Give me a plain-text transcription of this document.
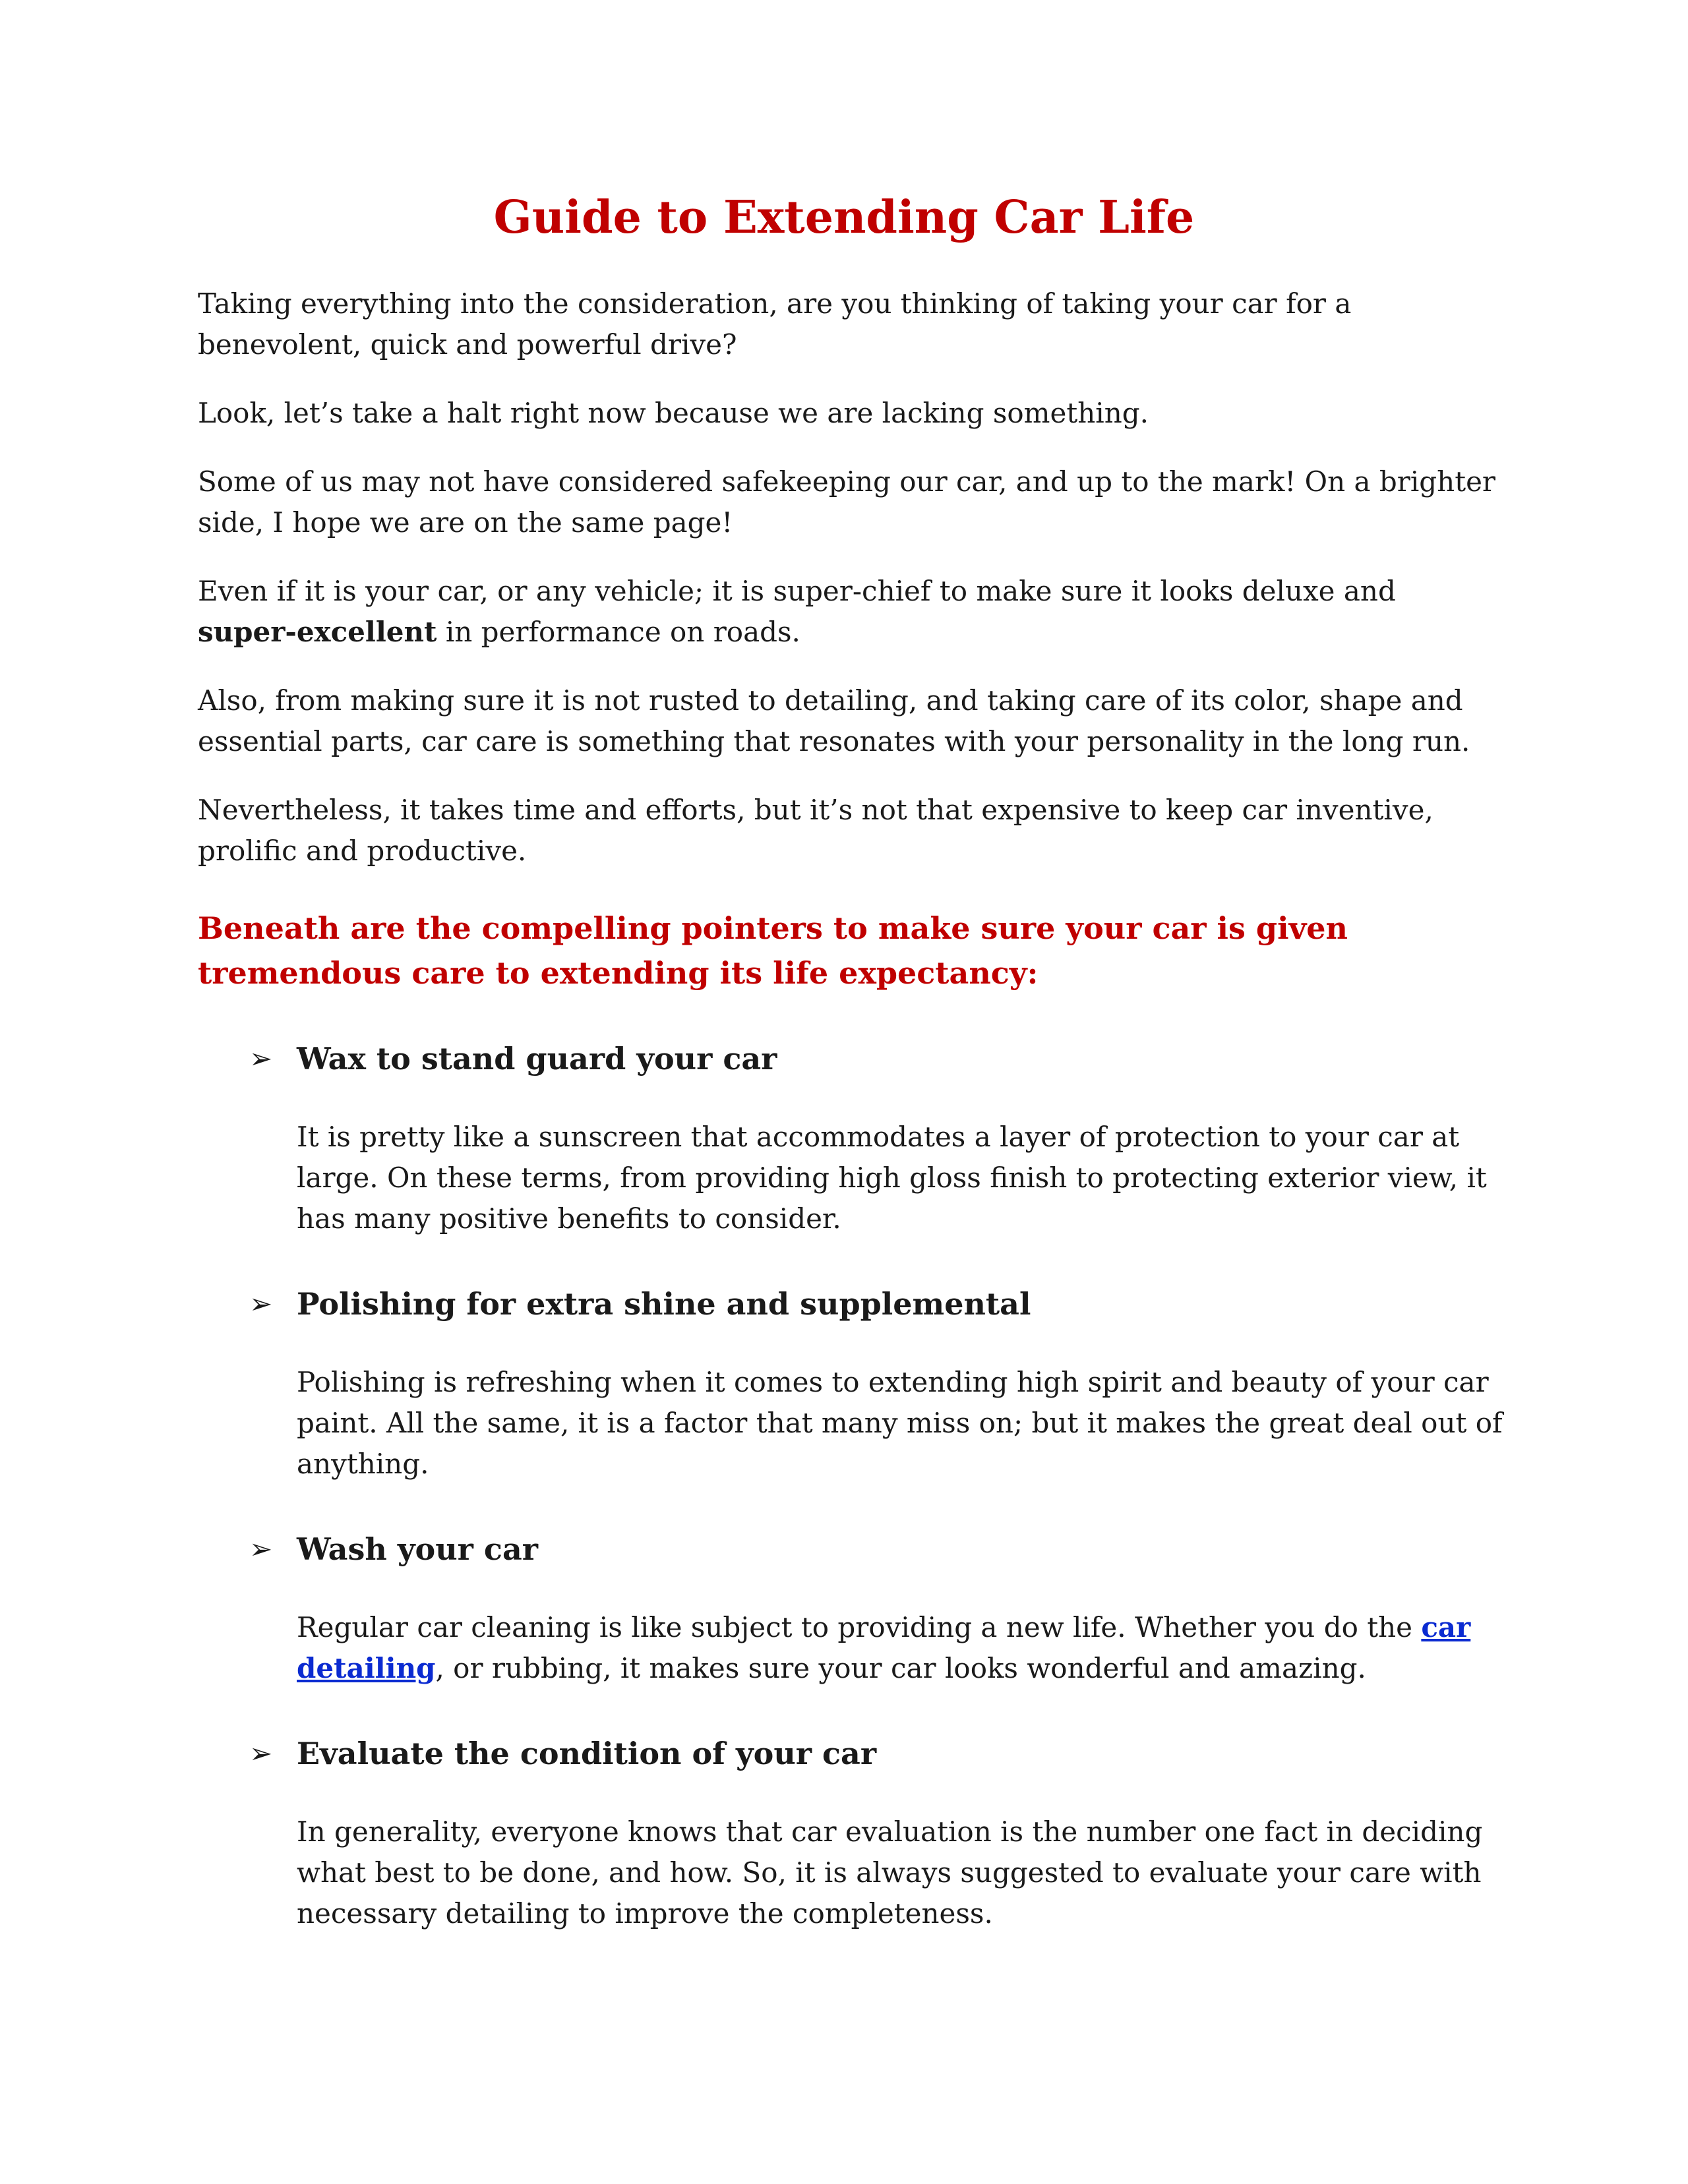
Guide to Extending Car Life

Taking everything into the consideration, are you thinking of taking your car for a benevolent, quick and powerful drive?

Look, let’s take a halt right now because we are lacking something.

Some of us may not have considered safekeeping our car, and up to the mark! On a brighter side, I hope we are on the same page!

Even if it is your car, or any vehicle; it is super-chief to make sure it looks deluxe and super-excellent in performance on roads.

Also, from making sure it is not rusted to detailing, and taking care of its color, shape and essential parts, car care is something that resonates with your personality in the long run.

Nevertheless, it takes time and efforts, but it’s not that expensive to keep car inventive, prolific and productive.

Beneath are the compelling pointers to make sure your car is given tremendous care to extending its life expectancy:
➢ Wax to stand guard your car

It is pretty like a sunscreen that accommodates a layer of protection to your car at large. On these terms, from providing high gloss finish to protecting exterior view, it has many positive benefits to consider.

➢ Polishing for extra shine and supplemental

Polishing is refreshing when it comes to extending high spirit and beauty of your car paint. All the same, it is a factor that many miss on; but it makes the great deal out of anything.

➢ Wash your car

Regular car cleaning is like subject to providing a new life. Whether you do the car detailing, or rubbing, it makes sure your car looks wonderful and amazing.

➢ Evaluate the condition of your car

In generality, everyone knows that car evaluation is the number one fact in deciding what best to be done, and how. So, it is always suggested to evaluate your care with necessary detailing to improve the completeness.
